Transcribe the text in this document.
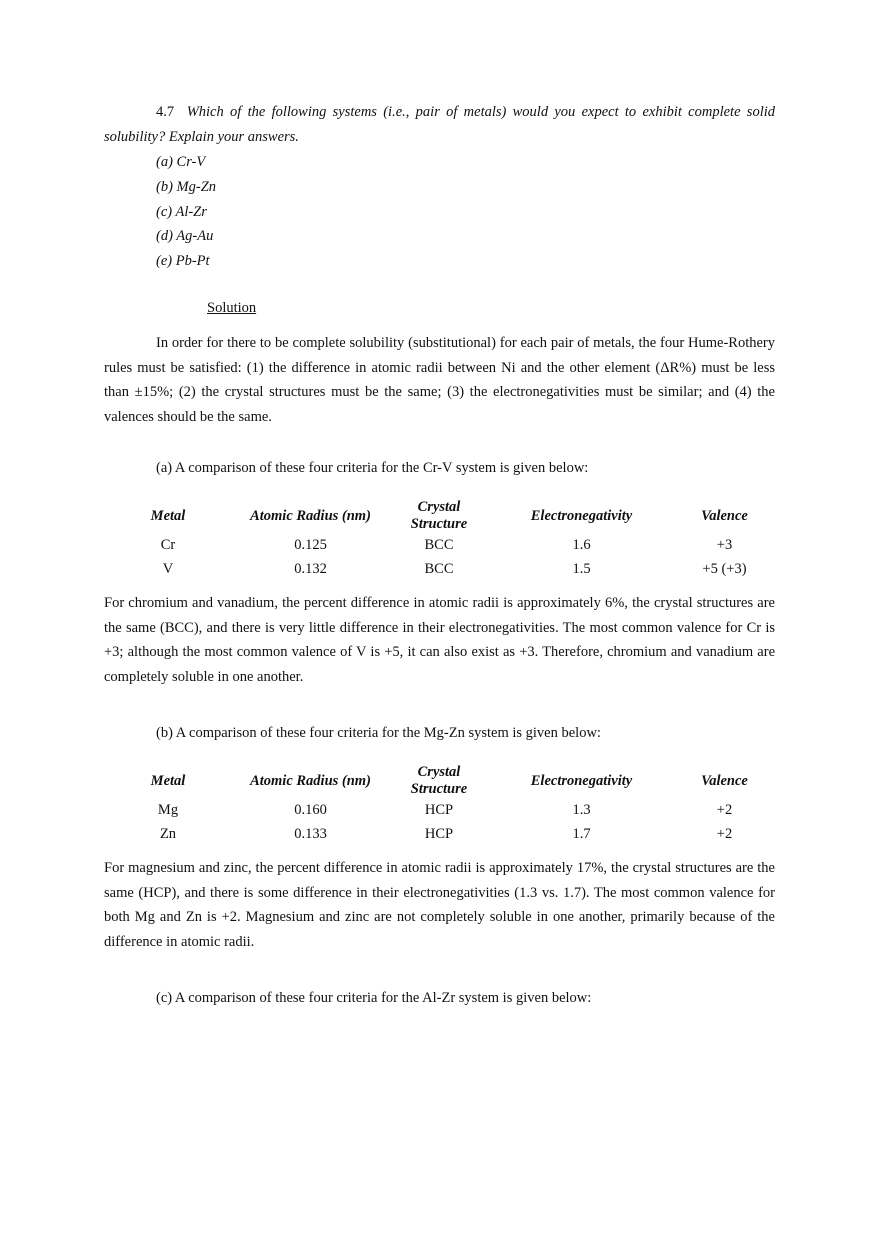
4.7 Which of the following systems (i.e., pair of metals) would you expect to exhibit complete solid solubility? Explain your answers.

(a) Cr-V
(b) Mg-Zn
(c) Al-Zr
(d) Ag-Au
(e) Pb-Pt
Solution

In order for there to be complete solubility (substitutional) for each pair of metals, the four Hume-Rothery rules must be satisfied: (1) the difference in atomic radii between Ni and the other element (ΔR%) must be less than ±15%; (2) the crystal structures must be the same; (3) the electronegativities must be similar; and (4) the valences should be the same.

(a) A comparison of these four criteria for the Cr-V system is given below:
Metal	Atomic Radius (nm)	Crystal Structure	Electronegativity	Valence
Cr	0.125	BCC	1.6	+3
V	0.132	BCC	1.5	+5 (+3)

For chromium and vanadium, the percent difference in atomic radii is approximately 6%, the crystal structures are the same (BCC), and there is very little difference in their electronegativities. The most common valence for Cr is +3; although the most common valence of V is +5, it can also exist as +3. Therefore, chromium and vanadium are completely soluble in one another.

(b) A comparison of these four criteria for the Mg-Zn system is given below:
Metal	Atomic Radius (nm)	Crystal Structure	Electronegativity	Valence
Mg	0.160	HCP	1.3	+2
Zn	0.133	HCP	1.7	+2

For magnesium and zinc, the percent difference in atomic radii is approximately 17%, the crystal structures are the same (HCP), and there is some difference in their electronegativities (1.3 vs. 1.7). The most common valence for both Mg and Zn is +2. Magnesium and zinc are not completely soluble in one another, primarily because of the difference in atomic radii.

(c) A comparison of these four criteria for the Al-Zr system is given below:
